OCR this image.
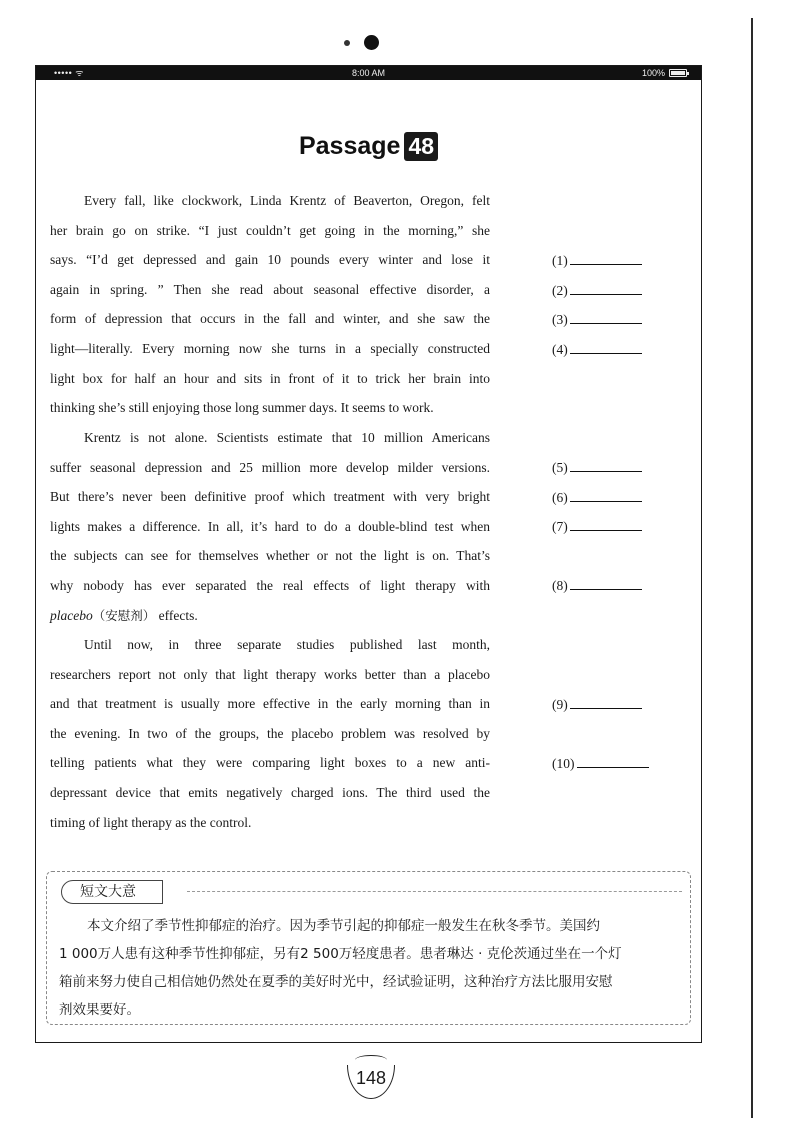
••••• ᯤ	8:00 AM	100%
Passage 48
Every fall, like clockwork, Linda Krentz of Beaverton, Oregon, felt
her brain go on strike. “I just couldn’t get going in the morning,” she
says. “I’d get depressed and gain 10 pounds every winter and lose it
again in spring. ” Then she read about seasonal effective disorder, a
form of depression that occurs in the fall and winter, and she saw the
light—literally. Every morning now she turns in a specially constructed
light box for half an hour and sits in front of it to trick her brain into
thinking she’s still enjoying those long summer days. It seems to work.
Krentz is not alone. Scientists estimate that 10 million Americans
suffer seasonal depression and 25 million more develop milder versions.
But there’s never been definitive proof which treatment with very bright
lights makes a difference. In all, it’s hard to do a double-blind test when
the subjects can see for themselves whether or not the light is on. That’s
why nobody has ever separated the real effects of light therapy with
placebo（安慰剂） effects.
Until now, in three separate studies published last month,
researchers report not only that light therapy works better than a placebo
and that treatment is usually more effective in the early morning than in
the evening. In two of the groups, the placebo problem was resolved by
telling patients what they were comparing light boxes to a new anti-
depressant device that emits negatively charged ions. The third used the
timing of light therapy as the control.
(1)
(2)
(3)
(4)
(5)
(6)
(7)
(8)
(9)
(10)
短文大意
本文介绍了季节性抑郁症的治疗。因为季节引起的抑郁症一般发生在秋冬季节。美国约
1 000万人患有这种季节性抑郁症，另有2 500万轻度患者。患者琳达 · 克伦茨通过坐在一个灯
箱前来努力使自己相信她仍然处在夏季的美好时光中，经试验证明，这种治疗方法比服用安慰
剂效果要好。
148
